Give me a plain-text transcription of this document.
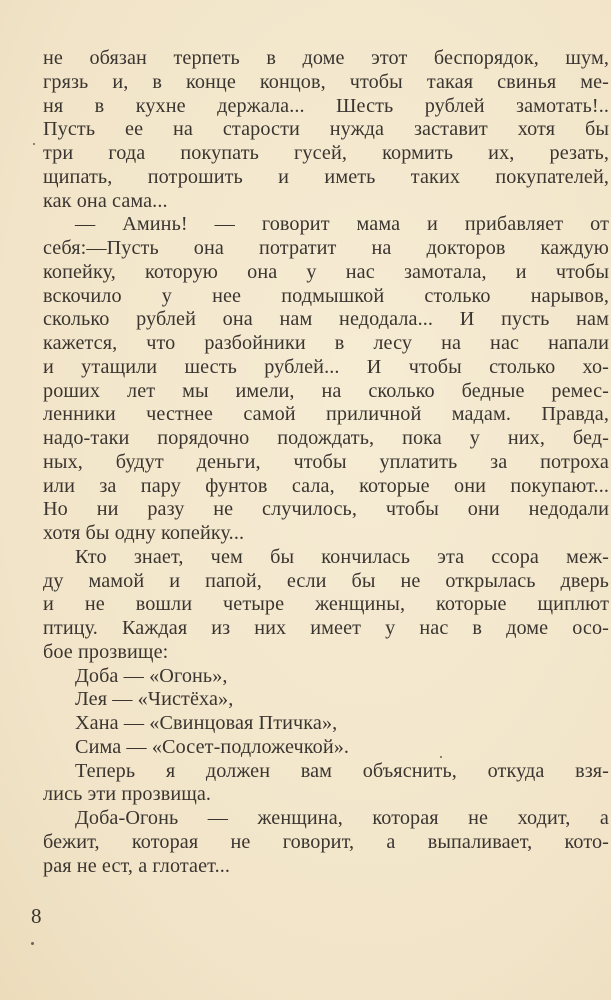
не обязан терпеть в доме этот беспорядок, шум,
грязь и, в конце концов, чтобы такая свинья ме-
ня в кухне держала... Шесть рублей замотать!..
Пусть ее на старости нужда заставит хотя бы
три года покупать гусей, кормить их, резать,
щипать, потрошить и иметь таких покупателей,
как она сама...
— Аминь! — говорит мама и прибавляет от
себя:—Пусть она потратит на докторов каждую
копейку, которую она у нас замотала, и чтобы
вскочило у нее подмышкой столько нарывов,
сколько рублей она нам недодала... И пусть нам
кажется, что разбойники в лесу на нас напали
и утащили шесть рублей... И чтобы столько хо-
роших лет мы имели, на сколько бедные ремес-
ленники честнее самой приличной мадам. Правда,
надо-таки порядочно подождать, пока у них, бед-
ных, будут деньги, чтобы уплатить за потроха
или за пару фунтов сала, которые они покупают...
Но ни разу не случилось, чтобы они недодали
хотя бы одну копейку...
Кто знает, чем бы кончилась эта ссора меж-
ду мамой и папой, если бы не открылась дверь
и не вошли четыре женщины, которые щиплют
птицу. Каждая из них имеет у нас в доме осо-
бое прозвище:
Доба — «Огонь»,
Лея — «Чистёха»,
Хана — «Свинцовая Птичка»,
Сима — «Сосет-подложечкой».
Теперь я должен вам объяснить, откуда взя-
лись эти прозвища.
Доба-Огонь — женщина, которая не ходит, а
бежит, которая не говорит, а выпаливает, кото-
рая не ест, а глотает...
8
